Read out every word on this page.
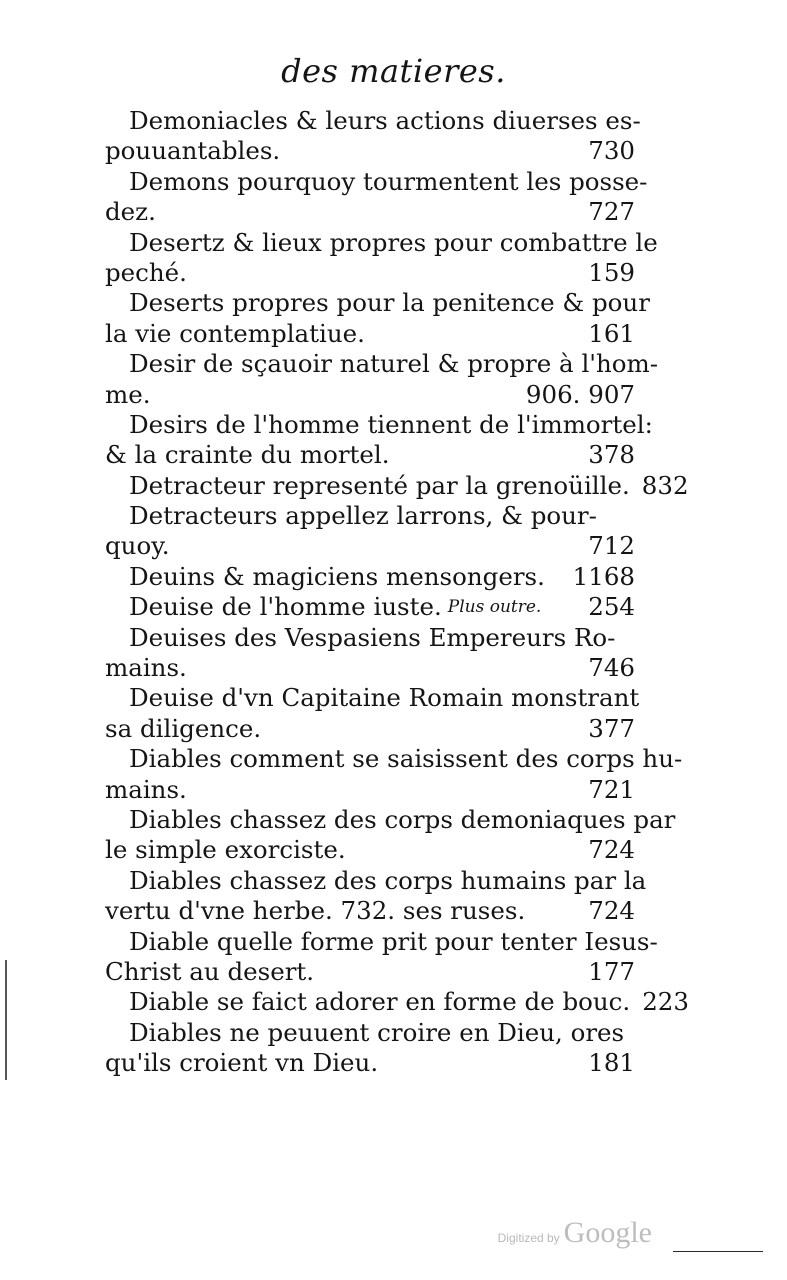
des matieres.
Demoniacles & leurs actions diuerses es-
pouuantables.	730
Demons pourquoy tourmentent les posse-
dez.	727
Desertz & lieux propres pour combattre le
peché.	159
Deserts propres pour la penitence & pour
la vie contemplatiue.	161
Desir de sçauoir naturel & propre à l'hom-
me.	906. 907
Desirs de l'homme tiennent de l'immortel:
& la crainte du mortel.	378
Detracteur representé par la grenoüille. 832
Detracteurs appellez larrons, & pour-
quoy.	712
Deuins & magiciens mensongers.	1168
Deuise de l'homme iuste. Plus outre.	254
Deuises des Vespasiens Empereurs Ro-
mains.	746
Deuise d'vn Capitaine Romain monstrant
sa diligence.	377
Diables comment se saisissent des corps hu-
mains.	721
Diables chassez des corps demoniaques par
le simple exorciste.	724
Diables chassez des corps humains par la
vertu d'vne herbe. 732. ses ruses.	724
Diable quelle forme prit pour tenter Iesus-
Christ au desert.	177
Diable se faict adorer en forme de bouc. 223
Diables ne peuuent croire en Dieu, ores
qu'ils croient vn Dieu.	181
Digitized by Google
